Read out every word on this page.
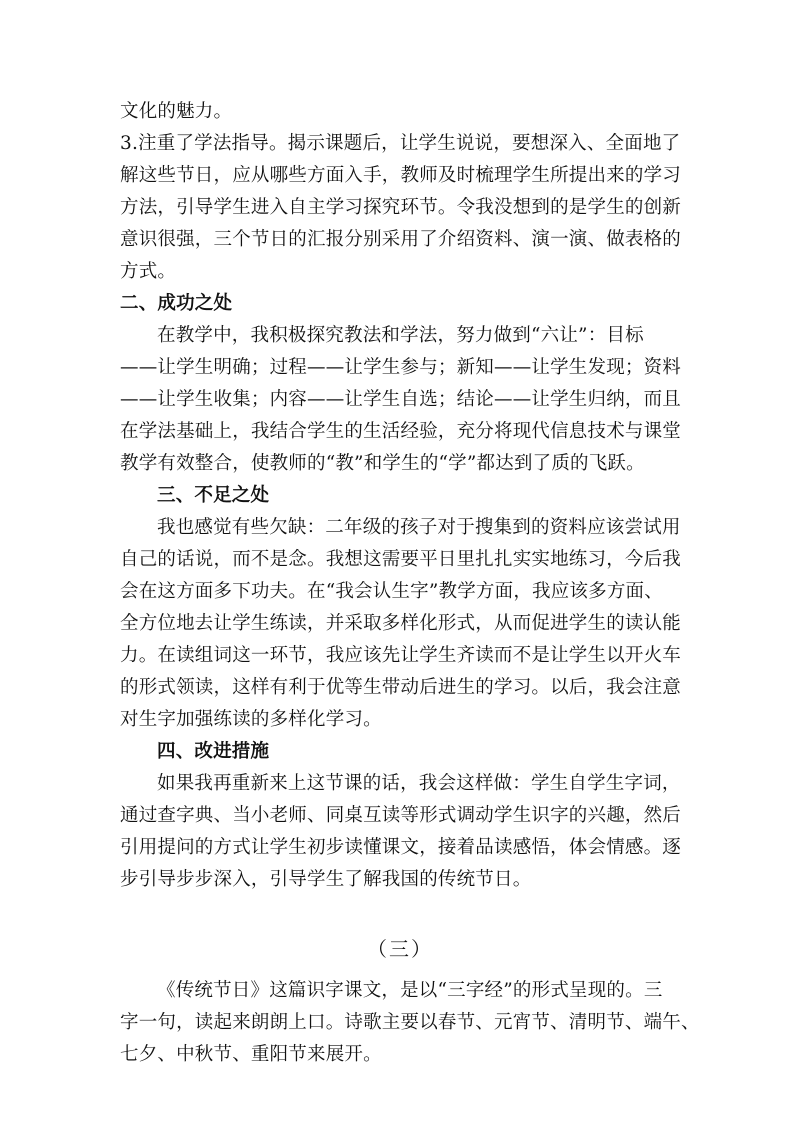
文化的魅力。
3.注重了学法指导。揭示课题后，让学生说说，要想深入、全面地了
解这些节日，应从哪些方面入手，教师及时梳理学生所提出来的学习
方法，引导学生进入自主学习探究环节。令我没想到的是学生的创新
意识很强，三个节日的汇报分别采用了介绍资料、演一演、做表格的
方式。
二、成功之处
在教学中，我积极探究教法和学法，努力做到“六让”：目标
——让学生明确；过程——让学生参与；新知——让学生发现；资料
——让学生收集；内容——让学生自选；结论——让学生归纳，而且
在学法基础上，我结合学生的生活经验，充分将现代信息技术与课堂
教学有效整合，使教师的“教”和学生的“学”都达到了质的飞跃。
三、不足之处
我也感觉有些欠缺：二年级的孩子对于搜集到的资料应该尝试用
自己的话说，而不是念。我想这需要平日里扎扎实实地练习，今后我
会在这方面多下功夫。在“我会认生字”教学方面，我应该多方面、
全方位地去让学生练读，并采取多样化形式，从而促进学生的读认能
力。在读组词这一环节，我应该先让学生齐读而不是让学生以开火车
的形式领读，这样有利于优等生带动后进生的学习。以后，我会注意
对生字加强练读的多样化学习。
四、改进措施
如果我再重新来上这节课的话，我会这样做：学生自学生字词，
通过查字典、当小老师、同桌互读等形式调动学生识字的兴趣，然后
引用提问的方式让学生初步读懂课文，接着品读感悟，体会情感。逐
步引导步步深入，引导学生了解我国的传统节日。
（三）
《传统节日》这篇识字课文，是以“三字经”的形式呈现的。三
字一句，读起来朗朗上口。诗歌主要以春节、元宵节、清明节、端午、
七夕、中秋节、重阳节来展开。
